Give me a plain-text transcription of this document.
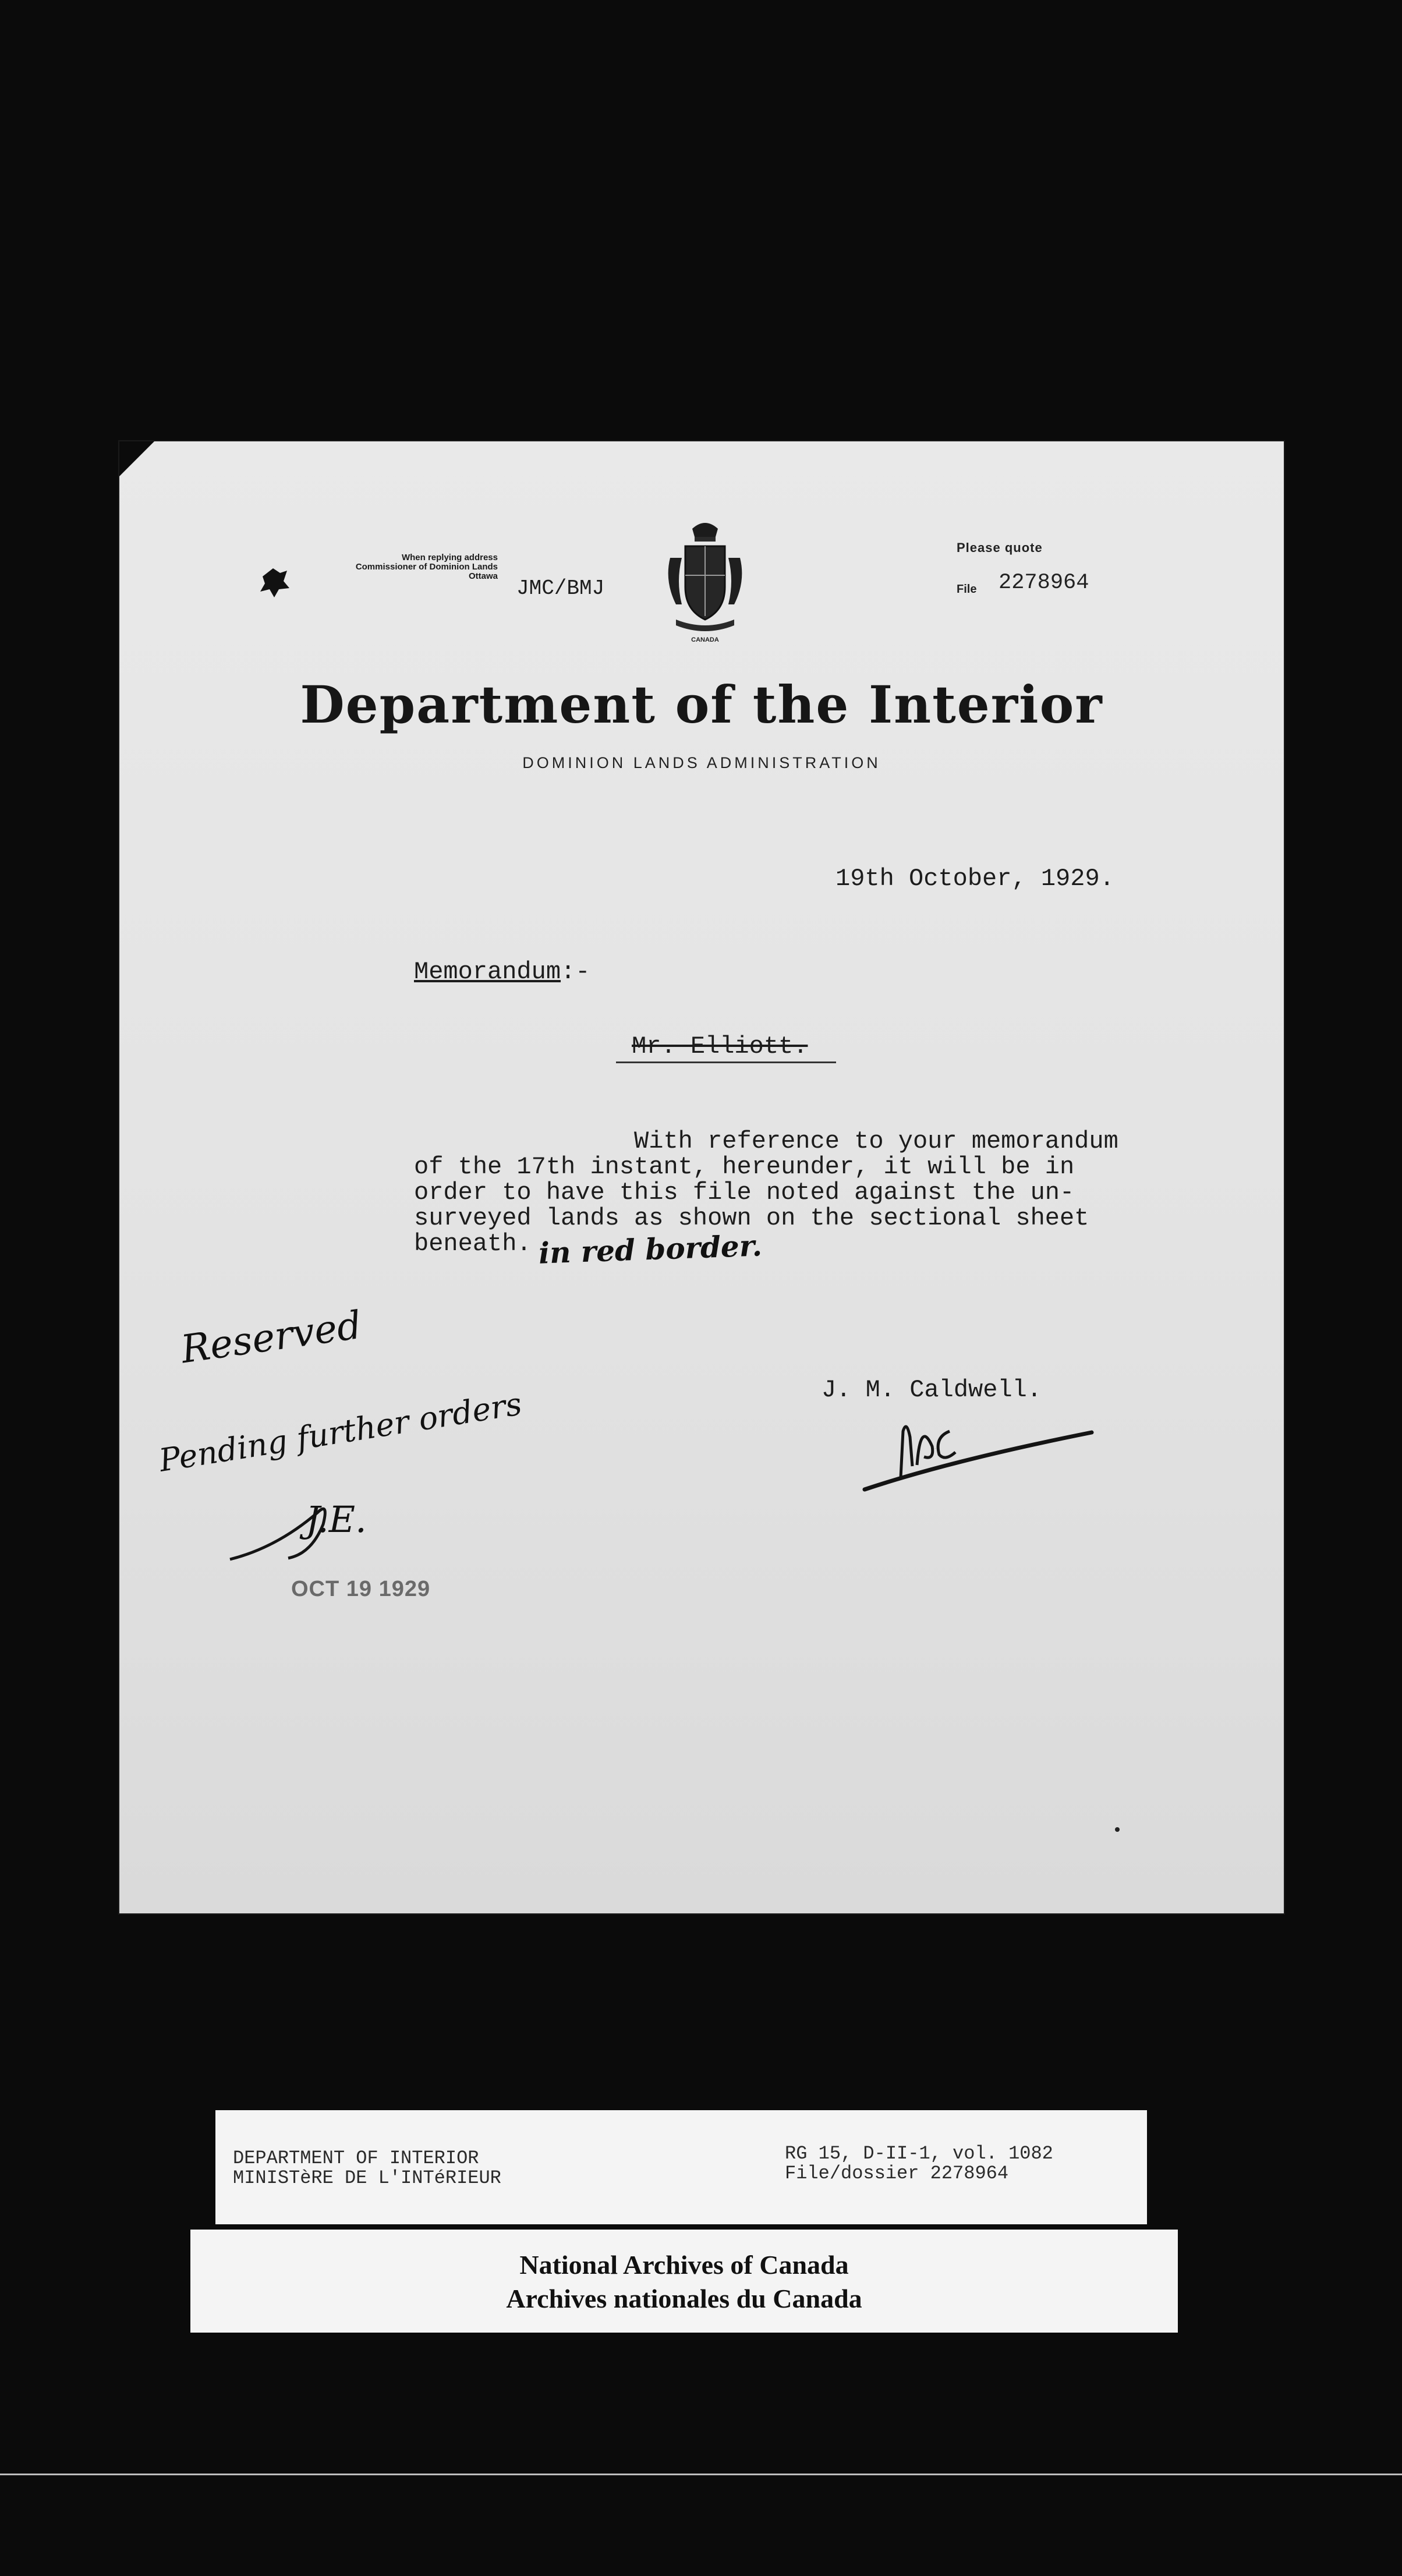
When replying address
Commissioner of Dominion Lands
Ottawa
JMC/BMJ
CANADA
Please quote
File 2278964
Department of the Interior
DOMINION LANDS ADMINISTRATION
19th October, 1929.
Memorandum:-
Mr. Elliott.
With reference to your memorandum
of the 17th instant, hereunder, it will be in
order to have this file noted against the un-
surveyed lands as shown on the sectional sheet
beneath. in red border.
J. M. Caldwell.
JMC
Reserved
Pending further orders
J.E.
OCT 19 1929
DEPARTMENT OF INTERIOR
MINISTèRE DE L'INTéRIEUR
RG 15, D-II-1, vol. 1082
File/dossier 2278964
National Archives of Canada
Archives nationales du Canada
